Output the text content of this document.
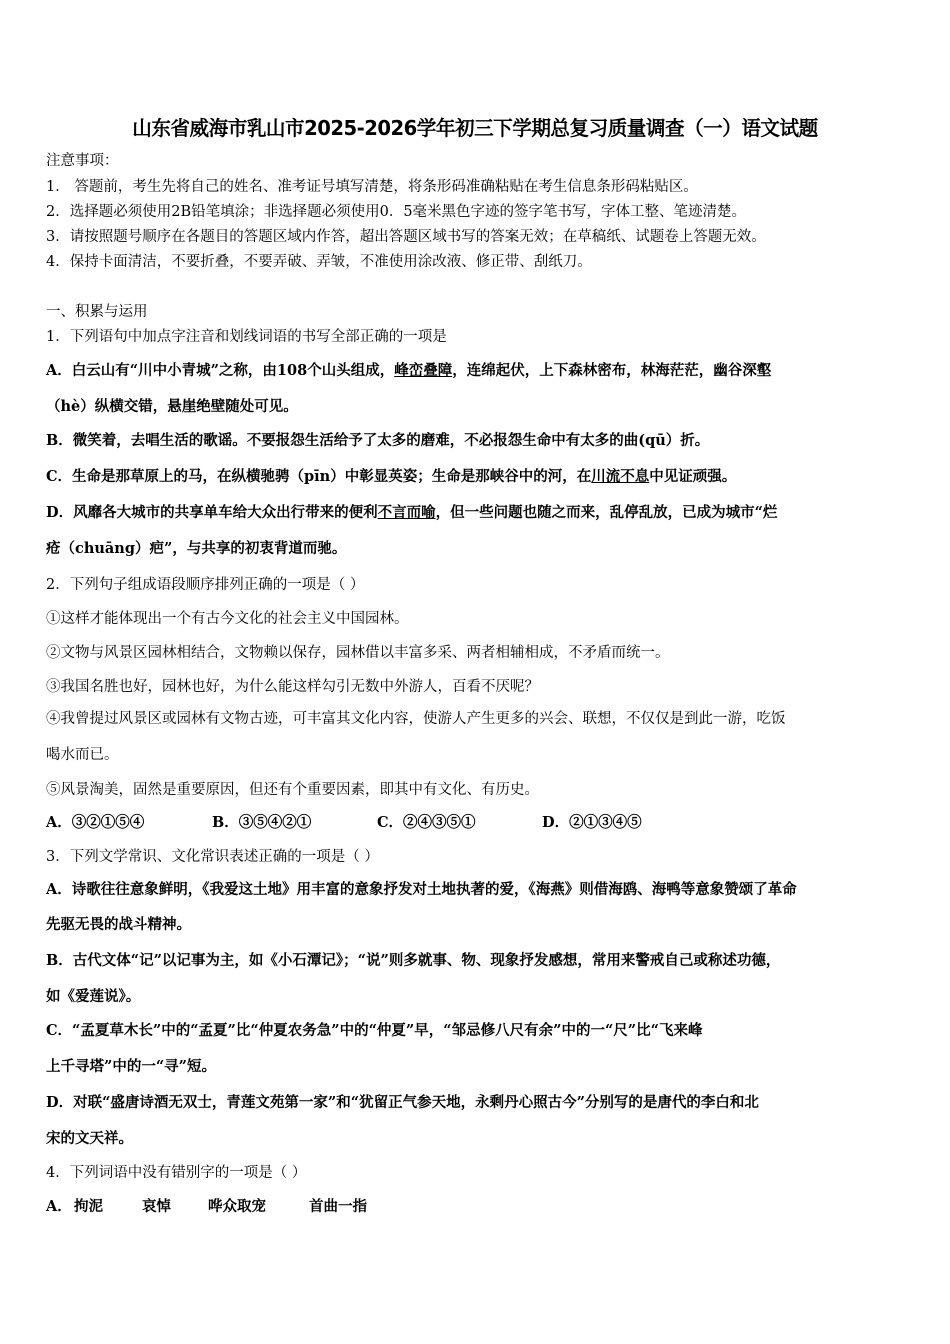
山东省威海市乳山市2025-2026学年初三下学期总复习质量调查（一）语文试题
注意事项：
1． 答题前，考生先将自己的姓名、准考证号填写清楚，将条形码准确粘贴在考生信息条形码粘贴区。
2．选择题必须使用2B铅笔填涂；非选择题必须使用0．5毫米黑色字迹的签字笔书写，字体工整、笔迹清楚。
3．请按照题号顺序在各题目的答题区域内作答，超出答题区域书写的答案无效；在草稿纸、试题卷上答题无效。
4．保持卡面清洁，不要折叠，不要弄破、弄皱，不准使用涂改液、修正带、刮纸刀。
一、积累与运用
1．下列语句中加点字注音和划线词语的书写全部正确的一项是
A．白云山有“川中小青城”之称，由108个山头组成，峰峦叠障，连绵起伏，上下森林密布，林海茫茫，幽谷深壑
（hè）纵横交错，悬崖绝壁随处可见。
B．微笑着，去唱生活的歌谣。不要报怨生活给予了太多的磨难，不必报怨生命中有太多的曲(qū）折。
C．生命是那草原上的马，在纵横驰骋（pīn）中彰显英姿；生命是那峡谷中的河，在川流不息中见证顽强。
D．风靡各大城市的共享单车给大众出行带来的便利不言而喻，但一些问题也随之而来，乱停乱放，已成为城市“烂
疮（chuāng）疤”，与共享的初衷背道而驰。
2．下列句子组成语段顺序排列正确的一项是（ ）
①这样才能体现出一个有古今文化的社会主义中国园林。
②文物与风景区园林相结合，文物赖以保存，园林借以丰富多采、两者相辅相成，不矛盾而统一。
③我国名胜也好，园林也好，为什么能这样勾引无数中外游人，百看不厌呢？
④我曾提过风景区或园林有文物古迹，可丰富其文化内容，使游人产生更多的兴会、联想，不仅仅是到此一游，吃饭
喝水而已。
⑤风景淘美，固然是重要原因，但还有个重要因素，即其中有文化、有历史。
A．③②①⑤④	B．③⑤④②①	C．②④③⑤①	D．②①③④⑤
3．下列文学常识、文化常识表述正确的一项是（ ）
A．诗歌往往意象鲜明，《我爱这土地》用丰富的意象抒发对土地执著的爱，《海燕》则借海鸥、海鸭等意象赞颂了革命
先驱无畏的战斗精神。
B．古代文体“记”以记事为主，如《小石潭记》；“说”则多就事、物、现象抒发感想，常用来警戒自己或称述功德，
如《爱莲说》。
C．“孟夏草木长”中的“孟夏”比“仲夏农务急”中的“仲夏”早，“邹忌修八尺有余”中的一“尺”比“飞来峰
上千寻塔”中的一“寻”短。
D．对联“盛唐诗酒无双士，青莲文苑第一家”和“犹留正气参天地，永剩丹心照古今”分别写的是唐代的李白和北
宋的文天祥。
4．下列词语中没有错别字的一项是（ ）
A． 拘泥	哀悼	哗众取宠	首曲一指
